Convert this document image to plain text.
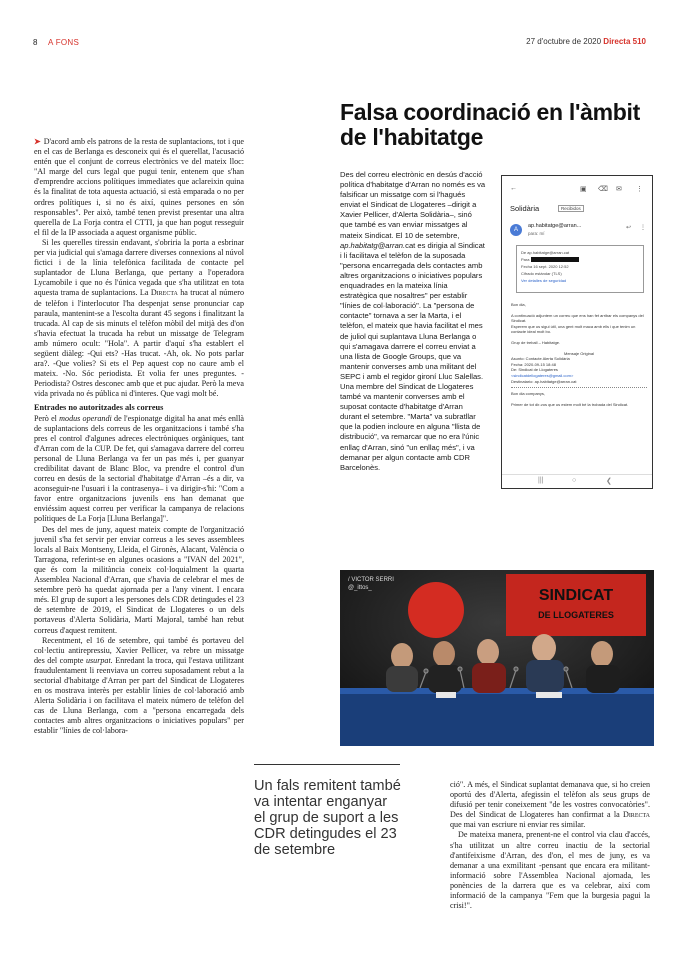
8 A FONS	27 d'octubre de 2020 Directa 510
Falsa coordinació en l'àmbit de l'habitatge

➤ D'acord amb els patrons de la resta de suplantacions, tot i que en el cas de Berlanga es desconeix qui és el querellat, l'acusació entén que el conjunt de correus electrònics ve del mateix lloc: "Al marge del curs legal que pugui tenir, entenem que s'han d'emprendre accions polítiques immediates que aclareixin quina és la finalitat de tota aquesta actuació, si està emparada o no per ordres polítiques i, si no és així, quines persones en són responsables". Per això, també tenen previst presentar una altra querella de La Forja contra el CTTI, ja que han pogut resseguir el fil de la IP associada a aquest organisme públic.

Si les querelles tiressin endavant, s'obriria la porta a esbrinar per via judicial qui s'amaga darrere diverses connexions al núvol fictici i de la línia telefònica facilitada de contacte pel suplantador de Lluna Berlanga, que pertany a l'operadora Lycamobile i que no és l'única vegada que s'ha utilitzat en tota aquesta trama de suplantacions. La Directa ha trucat al número de telèfon i l'interlocutor l'ha despenjat sense pronunciar cap paraula, mantenint-se a l'escolta durant 45 segons i finalitzant la trucada. Al cap de sis minuts el telèfon mòbil del mitjà des d'on s'havia efectuat la trucada ha rebut un missatge de Telegram amb número ocult: "Hola". A partir d'aquí s'ha establert el següent diàleg: -Qui ets? -Has trucat. -Ah, ok. No pots parlar ara?. -Que volies? Si ets el Pep aquest cop no caure amb el mateix. -No. Sóc periodista. Et volia fer unes preguntes. -Periodista? Ostres desconec amb que et puc ajudar. Però la meva vida privada no és pública ni d'interes. Que vagi molt bé.

Entrades no autoritzades als correus

Però el modus operandi de l'espionatge digital ha anat més enllà de suplantacions dels correus de les organitzacions i també s'ha pres el control d'algunes adreces electròniques orgàniques, tant d'Arran com de la CUP. De fet, qui s'amagava darrere del correu personal de Lluna Berlanga va fer un pas més i, per guanyar credibilitat davant de Blanc Bloc, va prendre el control d'un correu en desús de la sectorial d'habitatge d'Arran –és a dir, va aconseguir-ne l'usuari i la contrasenya– i va dirigir-s'hi: "Com a favor entre organitzacions juvenils ens han demanat que enviéssim aquest correu per verificar la campanya de relacions polítiques de La Forja [Lluna Berlanga]".

Des del mes de juny, aquest mateix compte de l'organització juvenil s'ha fet servir per enviar correus a les seves assemblees locals al Baix Montseny, Lleida, el Gironès, Alacant, València o Tarragona, referint-se en algunes ocasions a "IVAN del 2021", que és com la militància coneix col·loquialment la quarta Assemblea Nacional d'Arran, que s'havia de celebrar el mes de setembre però ha quedat ajornada per a l'any vinent. I encara més. El grup de suport a les persones dels CDR detingudes el 23 de setembre de 2019, el Sindicat de Llogateres o un dels portaveus d'Alerta Solidària, Martí Majoral, també han rebut correus d'aquest remitent.

Recentment, el 16 de setembre, qui també és portaveu del col·lectiu antirepressiu, Xavier Pellicer, va rebre un missatge des del compte usurpat. Enredant la troca, qui l'estava utilitzant fraudulentament li reenviava un correu suposadament rebut a la sectorial d'habitatge d'Arran per part del Sindicat de Llogateres en os mostrava interès per establir línies de col·laboració amb Alerta Solidària i on facilitava el mateix número de telèfon del cas de Lluna Berlanga, com a "persona encarregada dels contactes amb altres organitzacions o iniciatives populars" per establir "línies de col·labora-

Des del correu electrònic en desús d'acció política d'habitatge d'Arran no només es va falsificar un missatge com si l'hagués enviat el Sindicat de Llogateres –dirigit a Xavier Pellicer, d'Alerta Solidària–, sinó que també es van enviar missatges al mateix Sindicat. El 10 de setembre, ap.habitatg@arran.cat es dirigia al Sindicat i li facilitava el telèfon de la suposada "persona encarregada dels contactes amb altres organitzacions o iniciatives populars enquadrades en la mateixa línia estratègica que nosaltres" per establir "línies de col·laboració". La "persona de contacte" tornava a ser la Marta, i el telèfon, el mateix que havia facilitat el mes de juliol qui suplantava Lluna Berlanga o qui s'amagava darrere el correu enviat a una llista de Google Groups, que va mantenir converses amb una militant del SEPC i amb el regidor gironí Lluc Salellas. Una membre del Sindicat de Llogateres també va mantenir converses amb el suposat contacte d'habitatge d'Arran durant el setembre. "Marta" va subratllar que la podien incloure en alguna "llista de distribució", va remarcar que no era l'únic enllaç d'Arran, sinó "un enllaç més", i va demanar per algun contacte amb CDR Barcelonès.
←	▣ ⌫ ✉ ⋮
Solidària	Recibidos
A
ap.habitatge@arran...
para: mí
↩ ⋮
De ap.habitatge@arran.cat
Para
Fecha 16 sept. 2020 12:52
Cifrado estándar (TLS)
Ver detalles de seguridad
Bon dia,
A continuació adjuntem un correu que ens han fet arribar els companys del Sindicat.
Esperem que us sigui útil, una gent molt maca amb ells i que tenim un contacte ideal molt bo.
Grup de treball – Habitatge.
Mensaje Original
Asunto: Contacte Alerta Solidària
Fecha: 2020-09-15 18:48
De: Sindicat de Llogateres
<sindicatdellogateres@gmail.com>
Destinatario: ap.habitatge@arran.cat
Bon dia companys,
Primer de tot dir-vos que us estem molt bé la trobada del Sindicat.
|||	○	❮
SINDICAT
DE LLOGATERES
/ VICTOR SERRI
@_ittos_
Un fals remitent també va intentar enganyar el grup de suport a les CDR detingudes el 23 de setembre

ció". A més, el Sindicat suplantat demanava que, si ho creien oportú des d'Alerta, afegissin el telèfon als seus grups de difusió per tenir coneixement "de les vostres convocatòries". Des del Sindicat de Llogateres han confirmat a la Directa que mai van escriure ni enviar res similar.

De mateixa manera, prenent-ne el control via clau d'accés, s'ha utilitzat un altre correu inactiu de la sectorial d'antifeixisme d'Arran, des d'on, el mes de juny, es va demanar a una exmilitant -pensant que encara era militant- informació sobre l'Assemblea Nacional ajornada, les ponències de la darrera que es va celebrar, així com informació de la campanya "Fem que la burgesia pagui la crisi!".
